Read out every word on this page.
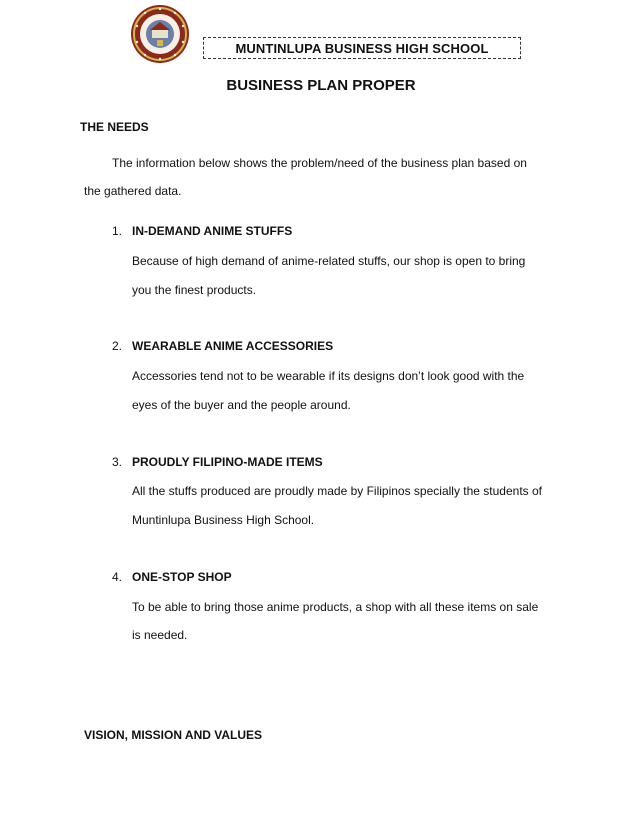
MUNTINLUPA BUSINESS HIGH SCHOOL
BUSINESS PLAN PROPER
THE NEEDS
The information below shows the problem/need of the business plan based on
the gathered data.
1. IN-DEMAND ANIME STUFFS
Because of high demand of anime-related stuffs, our shop is open to bring
you the finest products.
2. WEARABLE ANIME ACCESSORIES
Accessories tend not to be wearable if its designs don’t look good with the
eyes of the buyer and the people around.
3. PROUDLY FILIPINO-MADE ITEMS
All the stuffs produced are proudly made by Filipinos specially the students of
Muntinlupa Business High School.
4. ONE-STOP SHOP
To be able to bring those anime products, a shop with all these items on sale
is needed.
VISION, MISSION AND VALUES
